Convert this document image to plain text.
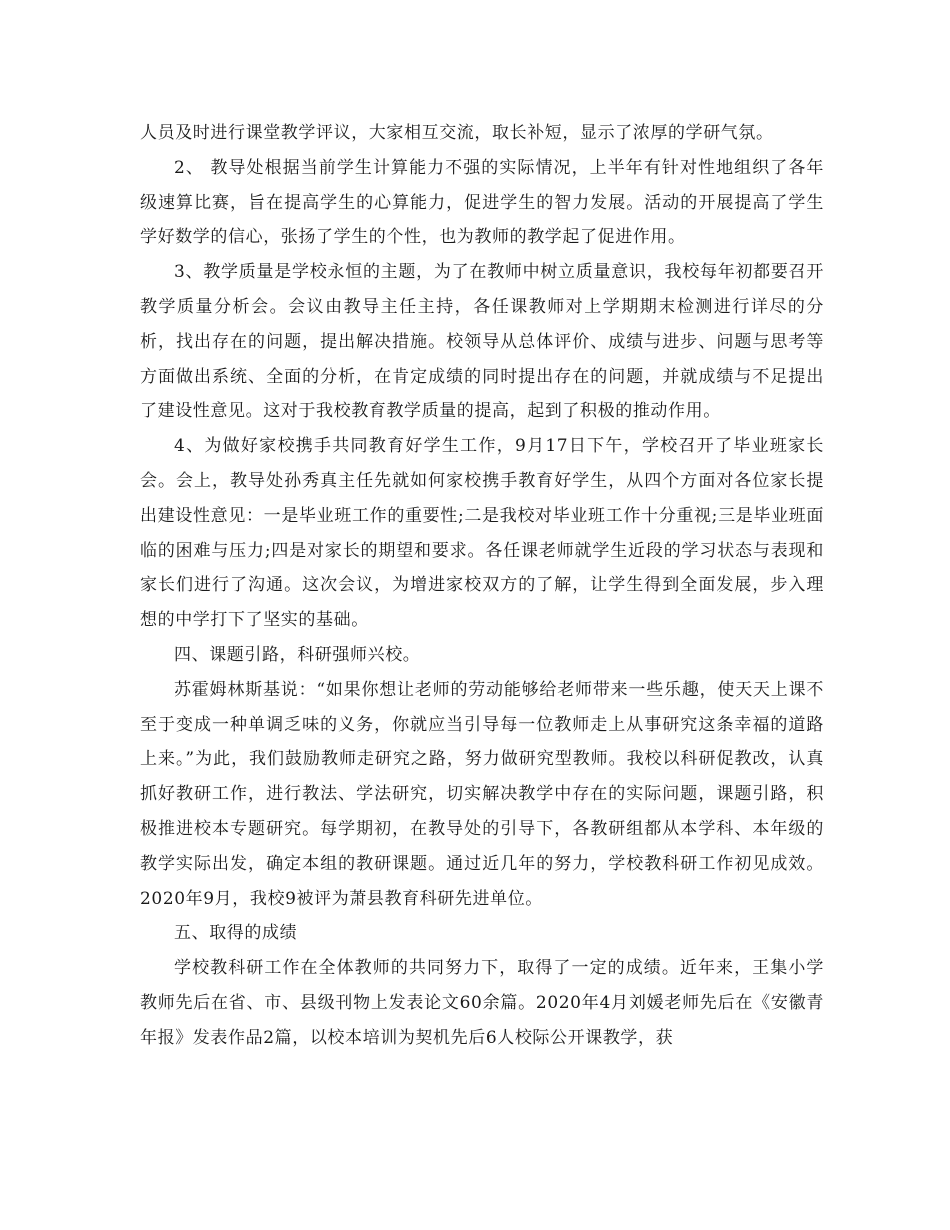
人员及时进行课堂教学评议，大家相互交流，取长补短，显示了浓厚的学研气氛。

2、 教导处根据当前学生计算能力不强的实际情况，上半年有针对性地组织了各年级速算比赛，旨在提高学生的心算能力，促进学生的智力发展。活动的开展提高了学生学好数学的信心，张扬了学生的个性，也为教师的教学起了促进作用。

3、教学质量是学校永恒的主题，为了在教师中树立质量意识，我校每年初都要召开教学质量分析会。会议由教导主任主持，各任课教师对上学期期末检测进行详尽的分析，找出存在的问题，提出解决措施。校领导从总体评价、成绩与进步、问题与思考等方面做出系统、全面的分析，在肯定成绩的同时提出存在的问题，并就成绩与不足提出了建设性意见。这对于我校教育教学质量的提高，起到了积极的推动作用。

4、为做好家校携手共同教育好学生工作，9月17日下午，学校召开了毕业班家长会。会上，教导处孙秀真主任先就如何家校携手教育好学生，从四个方面对各位家长提出建设性意见：一是毕业班工作的重要性;二是我校对毕业班工作十分重视;三是毕业班面临的困难与压力;四是对家长的期望和要求。各任课老师就学生近段的学习状态与表现和家长们进行了沟通。这次会议，为增进家校双方的了解，让学生得到全面发展，步入理想的中学打下了坚实的基础。

四、课题引路，科研强师兴校。

苏霍姆林斯基说：“如果你想让老师的劳动能够给老师带来一些乐趣，使天天上课不至于变成一种单调乏味的义务，你就应当引导每一位教师走上从事研究这条幸福的道路上来。”为此，我们鼓励教师走研究之路，努力做研究型教师。我校以科研促教改，认真抓好教研工作，进行教法、学法研究，切实解决教学中存在的实际问题，课题引路，积极推进校本专题研究。每学期初，在教导处的引导下，各教研组都从本学科、本年级的教学实际出发，确定本组的教研课题。通过近几年的努力，学校教科研工作初见成效。2020年9月，我校9被评为萧县教育科研先进单位。

五、取得的成绩

学校教科研工作在全体教师的共同努力下，取得了一定的成绩。近年来，王集小学教师先后在省、市、县级刊物上发表论文60余篇。2020年4月刘媛老师先后在《安徽青年报》发表作品2篇，以校本培训为契机先后6人校际公开课教学，获
